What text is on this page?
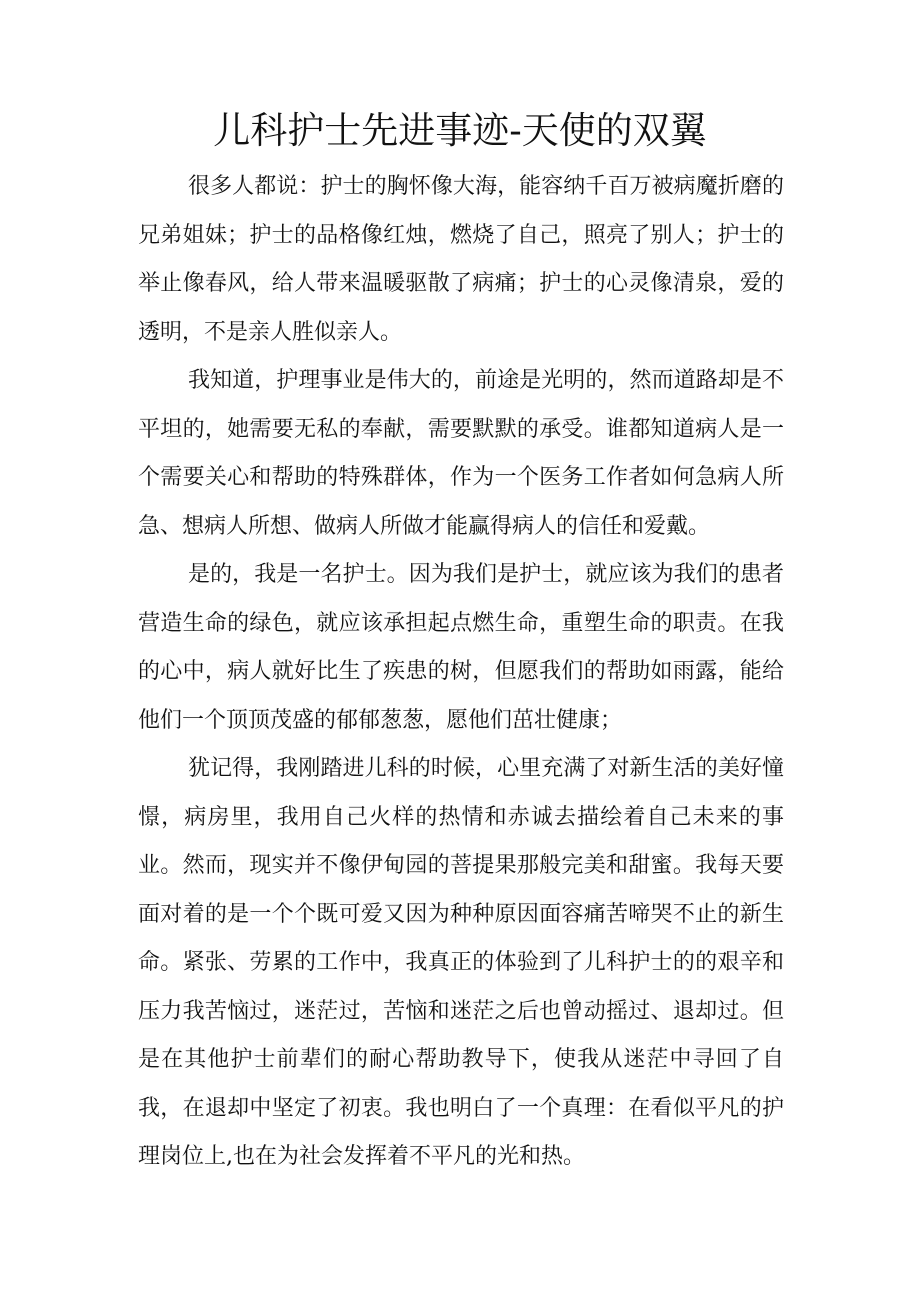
儿科护士先进事迹-天使的双翼

很多人都说：护士的胸怀像大海，能容纳千百万被病魔折磨的兄弟姐妹；护士的品格像红烛，燃烧了自己，照亮了别人；护士的举止像春风，给人带来温暖驱散了病痛；护士的心灵像清泉，爱的透明，不是亲人胜似亲人。

我知道，护理事业是伟大的，前途是光明的，然而道路却是不平坦的，她需要无私的奉献，需要默默的承受。谁都知道病人是一个需要关心和帮助的特殊群体，作为一个医务工作者如何急病人所急、想病人所想、做病人所做才能赢得病人的信任和爱戴。

是的，我是一名护士。因为我们是护士，就应该为我们的患者营造生命的绿色，就应该承担起点燃生命，重塑生命的职责。在我的心中，病人就好比生了疾患的树，但愿我们的帮助如雨露，能给他们一个顶顶茂盛的郁郁葱葱，愿他们茁壮健康；

犹记得，我刚踏进儿科的时候，心里充满了对新生活的美好憧憬，病房里，我用自己火样的热情和赤诚去描绘着自己未来的事业。然而，现实并不像伊甸园的菩提果那般完美和甜蜜。我每天要面对着的是一个个既可爱又因为种种原因面容痛苦啼哭不止的新生命。紧张、劳累的工作中，我真正的体验到了儿科护士的的艰辛和压力我苦恼过，迷茫过，苦恼和迷茫之后也曾动摇过、退却过。但是在其他护士前辈们的耐心帮助教导下，使我从迷茫中寻回了自我，在退却中坚定了初衷。我也明白了一个真理：在看似平凡的护理岗位上,也在为社会发挥着不平凡的光和热。
